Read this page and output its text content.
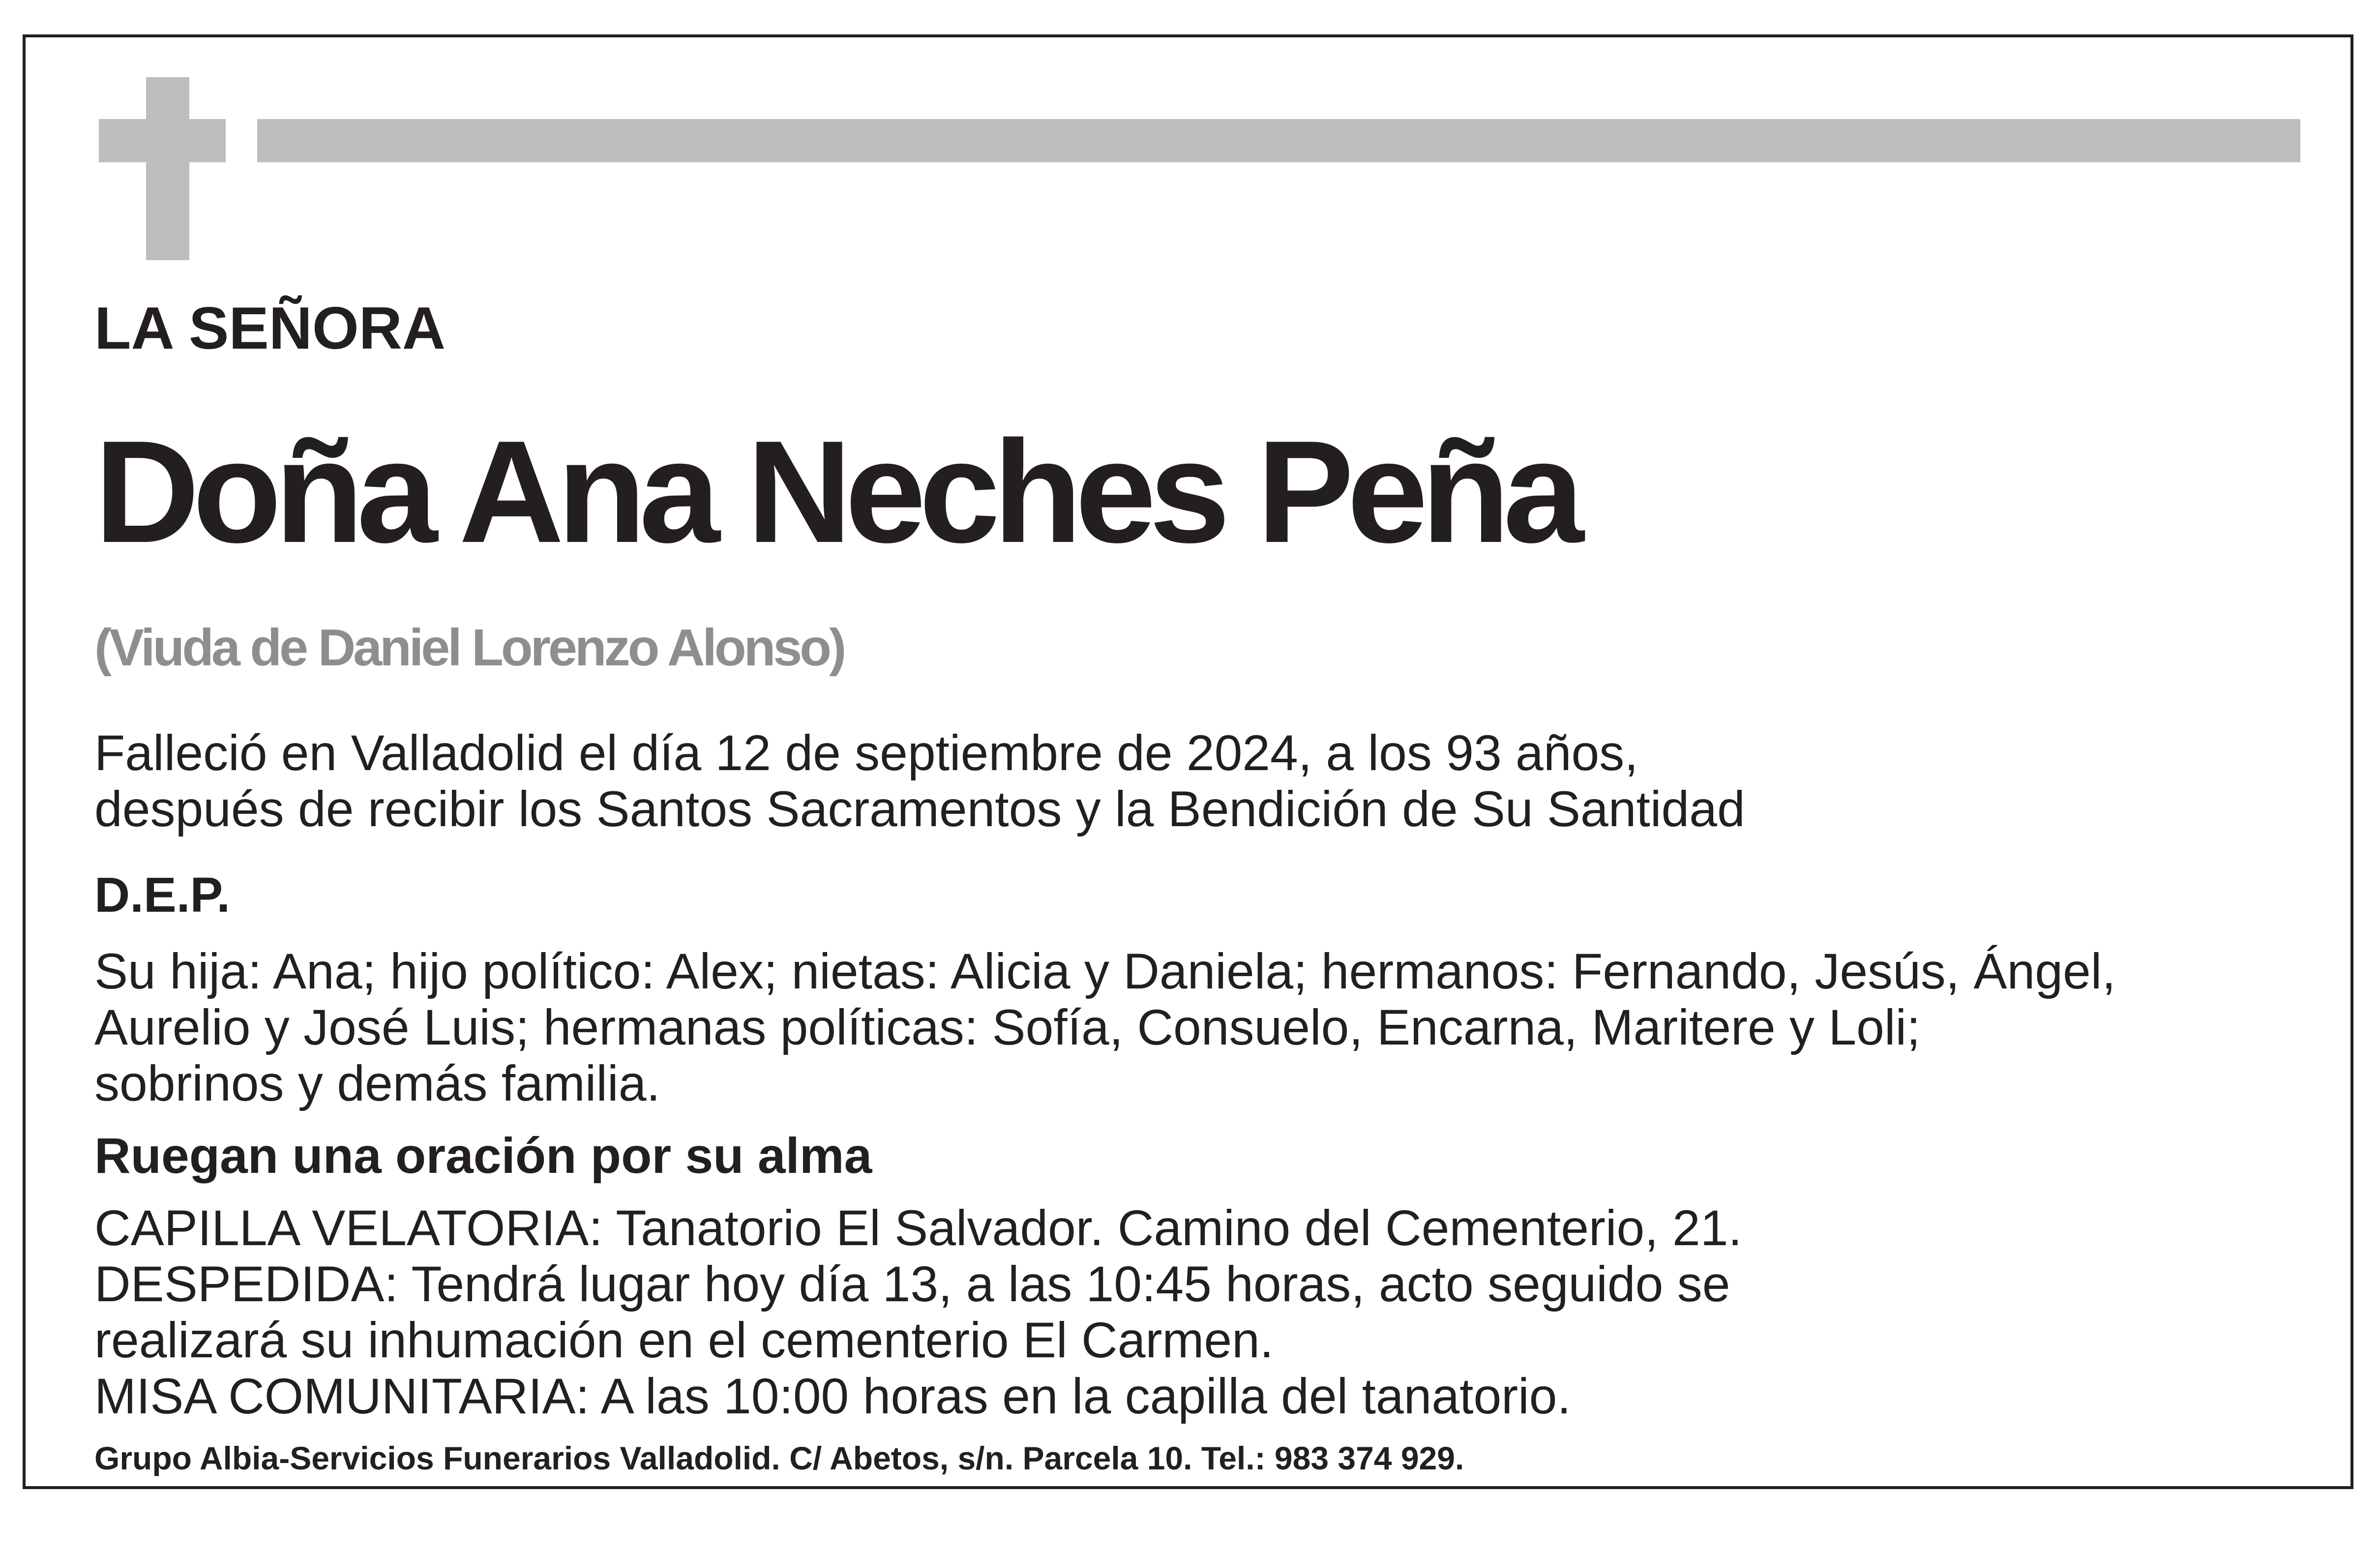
LA SEÑORA

Doña Ana Neches Peña

(Viuda de Daniel Lorenzo Alonso)

Falleció en Valladolid el día 12 de septiembre de 2024, a los 93 años,
después de recibir los Santos Sacramentos y la Bendición de Su Santidad

D.E.P.

Su hija: Ana; hijo político: Alex; nietas: Alicia y Daniela; hermanos: Fernando, Jesús, Ángel,
Aurelio y José Luis; hermanas políticas: Sofía, Consuelo, Encarna, Maritere y Loli;
sobrinos y demás familia.

Ruegan una oración por su alma

CAPILLA VELATORIA: Tanatorio El Salvador. Camino del Cementerio, 21.
DESPEDIDA: Tendrá lugar hoy día 13, a las 10:45 horas, acto seguido se
realizará su inhumación en el cementerio El Carmen.
MISA COMUNITARIA: A las 10:00 horas en la capilla del tanatorio.

Grupo Albia-Servicios Funerarios Valladolid. C/ Abetos, s/n. Parcela 10. Tel.: 983 374 929.
